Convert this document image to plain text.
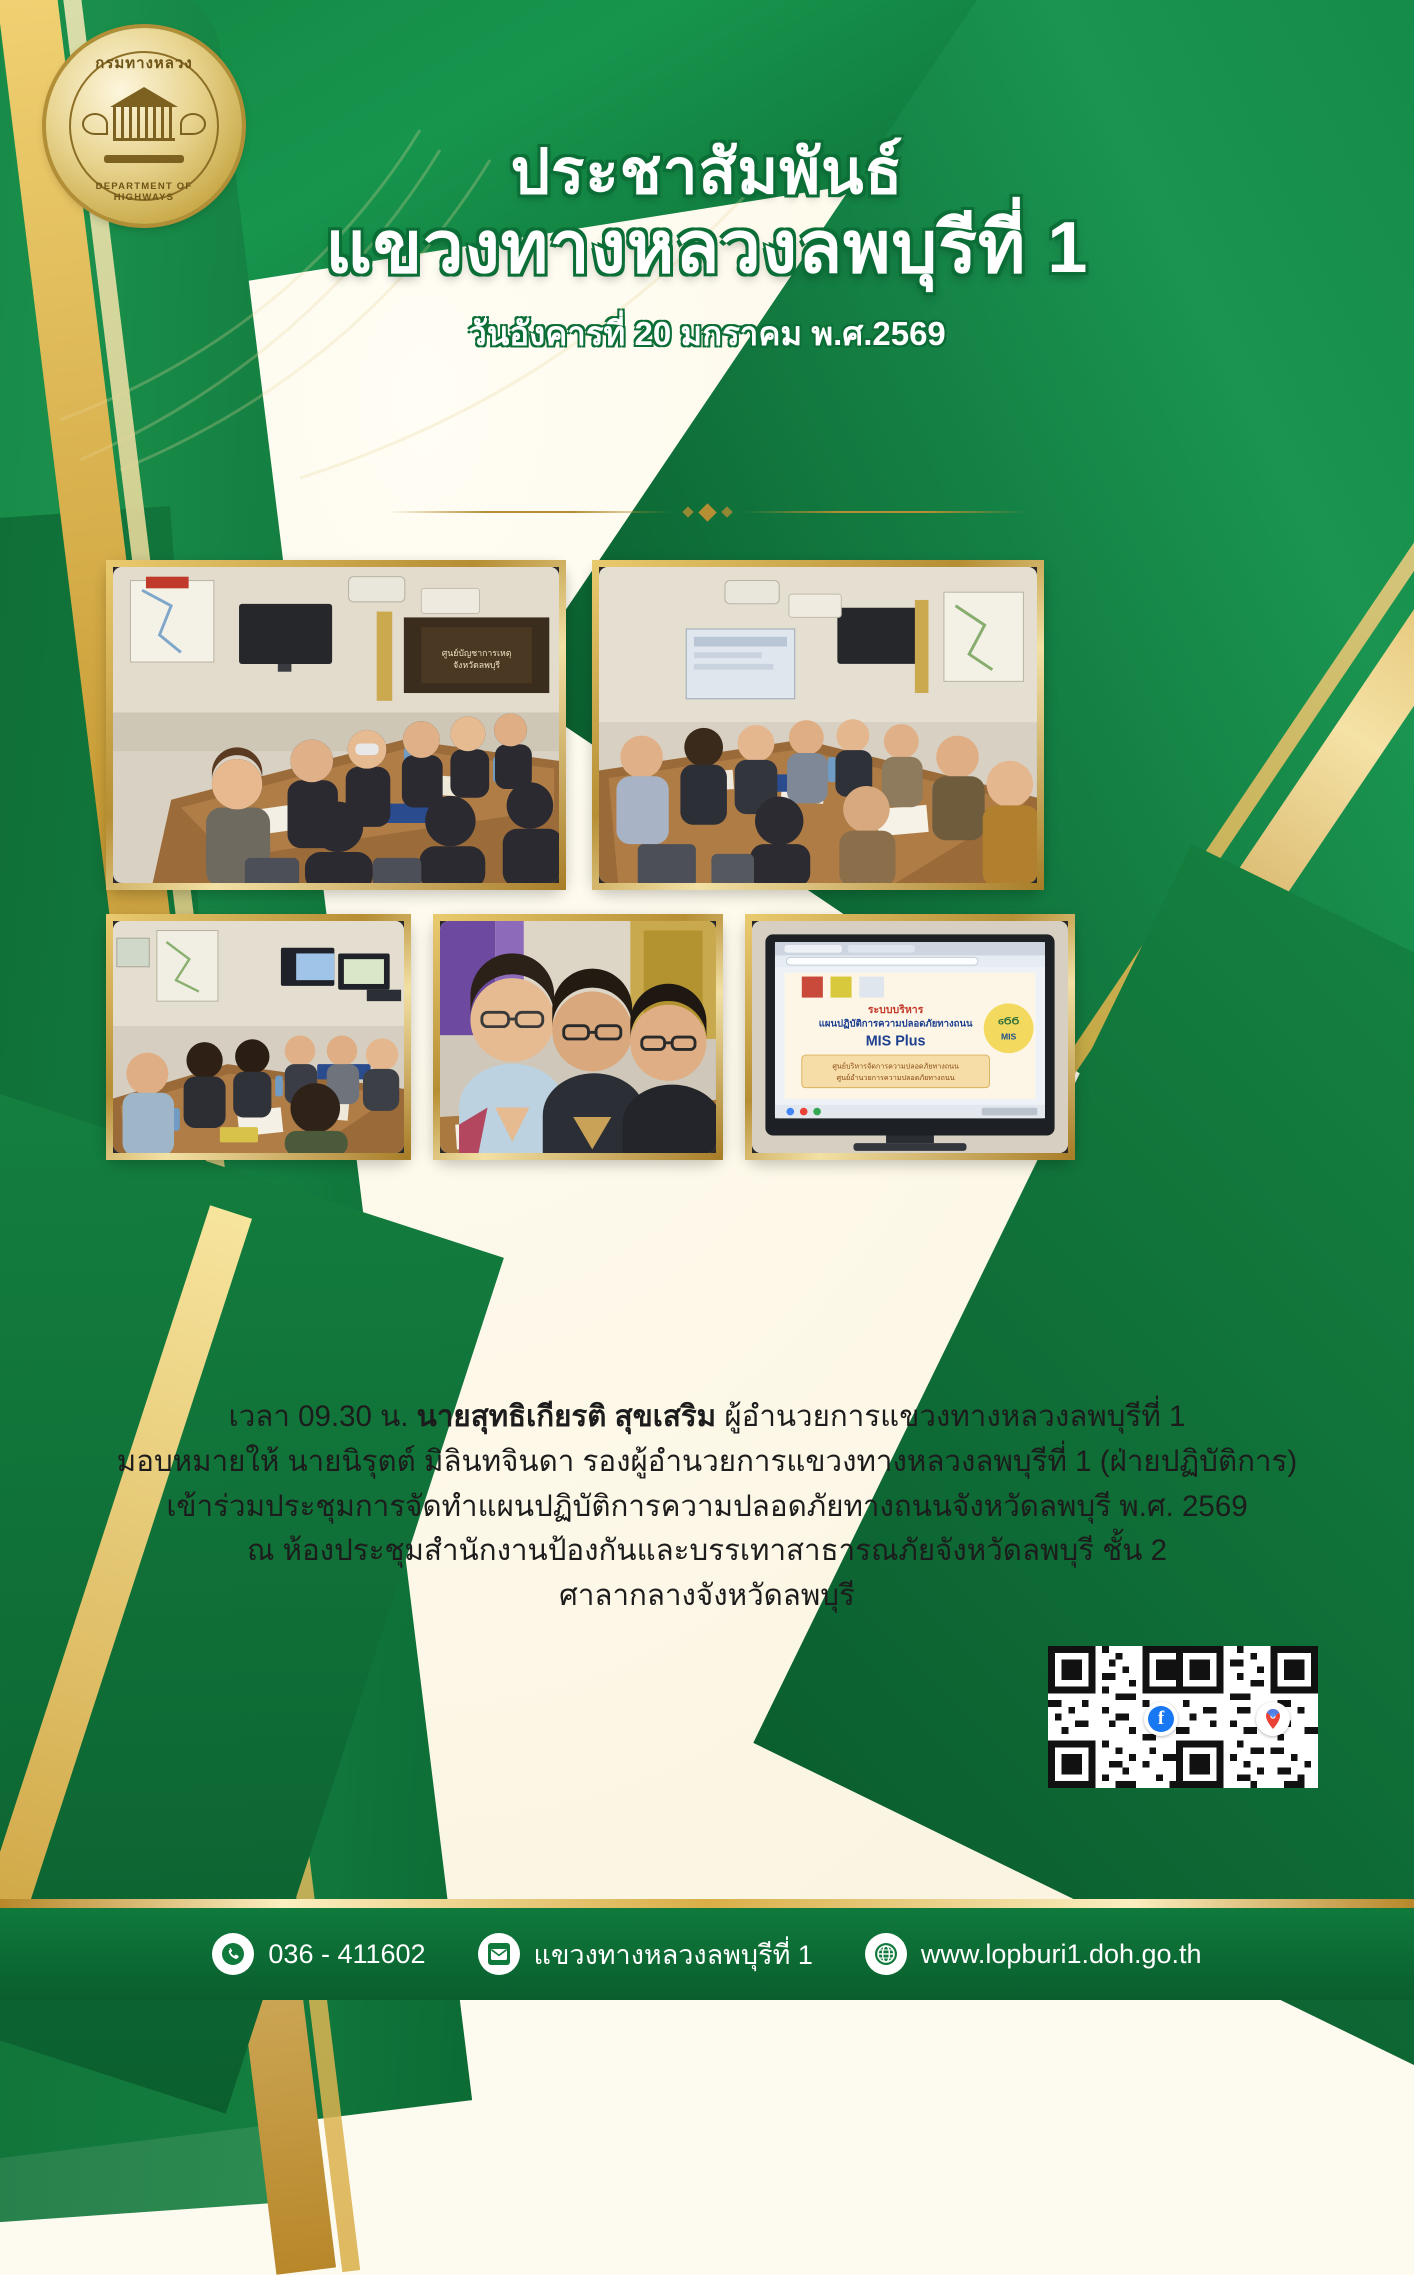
กรมทางหลวง
DEPARTMENT OF HIGHWAYS	ประชาสัมพันธ์
แขวงทางหลวงลพบุรีที่ 1
วันอังคารที่ 20 มกราคม พ.ศ.2569
ศูนย์บัญชาการเหตุ
จังหวัดลพบุรี
ระบบบริหาร
แผนปฏิบัติการความปลอดภัยทางถนน
MIS Plus
ศูนย์บริหารจัดการความปลอดภัยทางถนน
ศูนย์อำนวยการความปลอดภัยทางถนน
ϭϬϬ
MIS
เวลา 09.30 น. นายสุทธิเกียรติ สุขเสริม ผู้อำนวยการแขวงทางหลวงลพบุรีที่ 1
มอบหมายให้ นายนิรุตต์ มิลินทจินดา รองผู้อำนวยการแขวงทางหลวงลพบุรีที่ 1 (ฝ่ายปฏิบัติการ)
เข้าร่วมประชุมการจัดทำแผนปฏิบัติการความปลอดภัยทางถนนจังหวัดลพบุรี พ.ศ. 2569
ณ ห้องประชุมสำนักงานป้องกันและบรรเทาสาธารณภัยจังหวัดลพบุรี ชั้น 2
ศาลากลางจังหวัดลพบุรี
f
036 - 411602	แขวงทางหลวงลพบุรีที่ 1	www.lopburi1.doh.go.th
